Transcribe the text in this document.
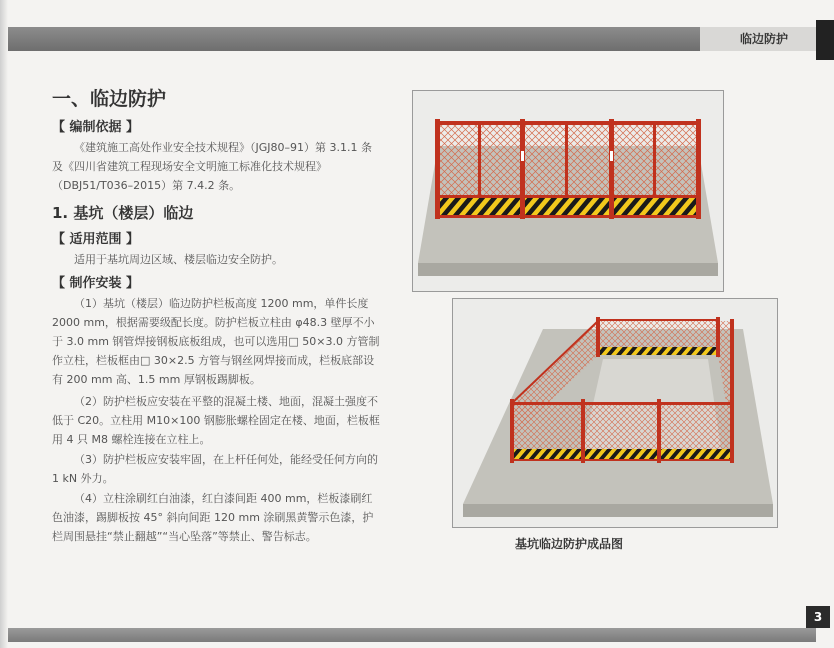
临边防护
一、临边防护
【 编制依据 】

《建筑施工高处作业安全技术规程》（JGJ80–91）第 3.1.1 条及《四川省建筑工程现场安全文明施工标准化技术规程》（DBJ51/T036–2015）第 7.4.2 条。

1. 基坑（楼层）临边
【 适用范围 】

适用于基坑周边区域、楼层临边安全防护。

【 制作安装 】

（1）基坑（楼层）临边防护栏板高度 1200 mm，单件长度 2000 mm，根据需要级配长度。防护栏板立柱由 φ48.3 壁厚不小于 3.0 mm 钢管焊接钢板底板组成，也可以选用□ 50×3.0 方管制作立柱，栏板框由□ 30×2.5 方管与钢丝网焊接而成，栏板底部设有 200 mm 高、1.5 mm 厚钢板踢脚板。

（2）防护栏板应安装在平整的混凝土楼、地面，混凝土强度不低于 C20。立柱用 M10×100 钢膨胀螺栓固定在楼、地面，栏板框用 4 只 M8 螺栓连接在立柱上。

（3）防护栏板应安装牢固，在上杆任何处，能经受任何方向的 1 kN 外力。

（4）立柱涂刷红白油漆，红白漆间距 400 mm，栏板漆刷红色油漆，踢脚板按 45° 斜向间距 120 mm 涂刷黑黄警示色漆，护栏周围悬挂“禁止翻越”“当心坠落”等禁止、警告标志。

基坑临边防护成品图
3
